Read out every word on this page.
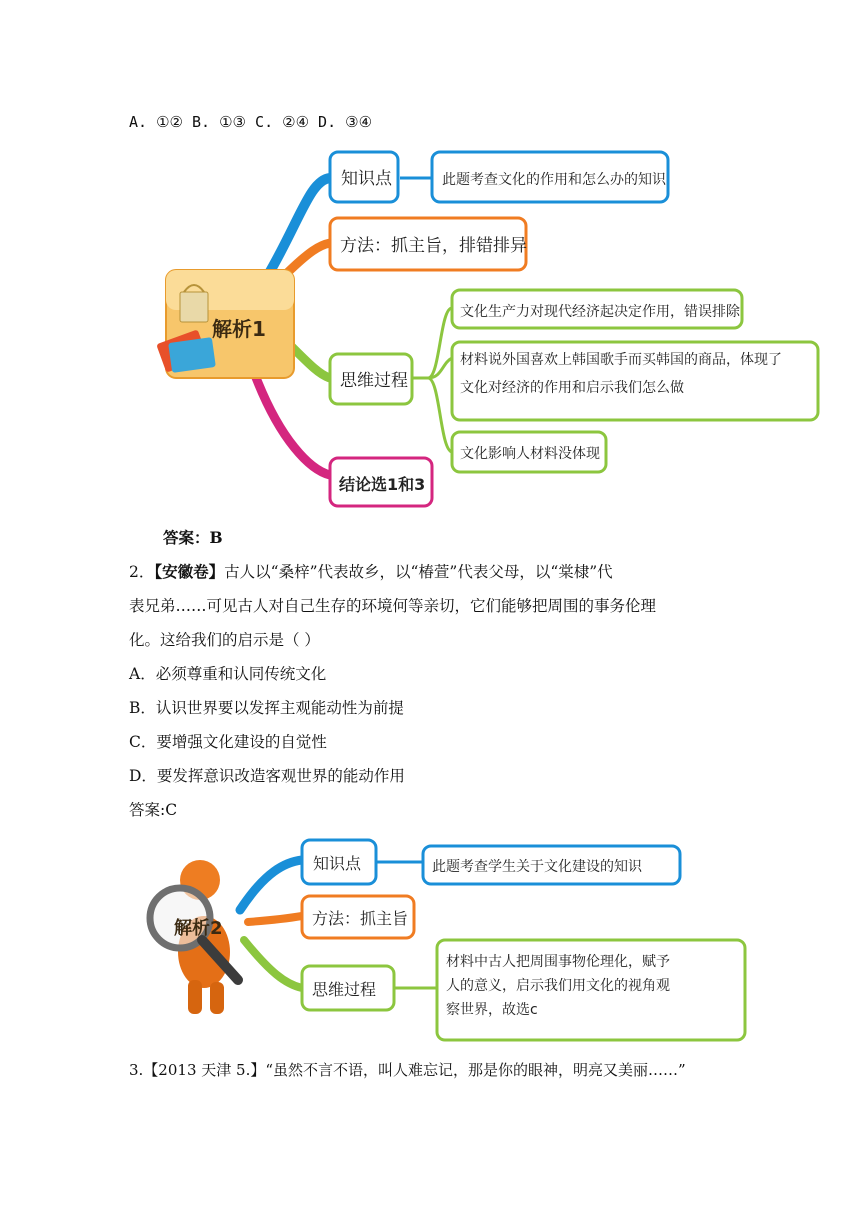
A. ①② B. ①③ C. ②④ D. ③④
解析1
知识点	此题考查文化的作用和怎么办的知识
方法：抓主旨，排错排异
思维过程
文化生产力对现代经济起决定作用，错误排除
材料说外国喜欢上韩国歌手而买韩国的商品，体现了
文化对经济的作用和启示我们怎么做
文化影响人材料没体现
结论选1和3
答案：B
2．【安徽卷】古人以“桑梓”代表故乡，以“椿萱”代表父母，以“棠棣”代
表兄弟……可见古人对自己生存的环境何等亲切，它们能够把周围的事务伦理
化。这给我们的启示是（ ）
A．必须尊重和认同传统文化
B．认识世界要以发挥主观能动性为前提
C．要增强文化建设的自觉性
D．要发挥意识改造客观世界的能动作用
答案:C
解析2
知识点	此题考查学生关于文化建设的知识
方法：抓主旨
思维过程
材料中古人把周围事物伦理化，赋予
人的意义，启示我们用文化的视角观
察世界，故选c
3.【2013 天津 5.】“虽然不言不语，叫人难忘记，那是你的眼神，明亮又美丽……”
